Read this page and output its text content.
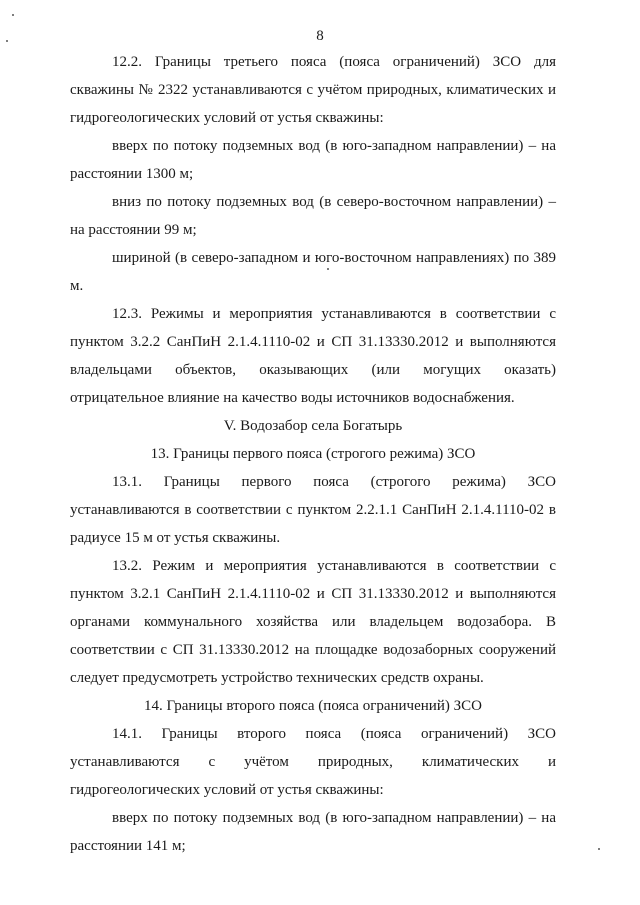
8

12.2. Границы третьего пояса (пояса ограничений) ЗСО для скважины № 2322 устанавливаются с учётом природных, климатических и гидрогеологических условий от устья скважины:

вверх по потоку подземных вод (в юго-западном направлении) – на расстоянии 1300 м;

вниз по потоку подземных вод (в северо-восточном направлении) – на расстоянии 99 м;

шириной (в северо-западном и юго-восточном направлениях) по 389 м.

12.3. Режимы и мероприятия устанавливаются в соответствии с пунктом 3.2.2 СанПиН 2.1.4.1110-02 и СП 31.13330.2012 и выполняются владельцами объектов, оказывающих (или могущих оказать) отрицательное влияние на качество воды источников водоснабжения.

V. Водозабор села Богатырь

13. Границы первого пояса (строгого режима) ЗСО

13.1. Границы первого пояса (строгого режима) ЗСО устанавливаются в соответствии с пунктом 2.2.1.1 СанПиН 2.1.4.1110-02 в радиусе 15 м от устья скважины.

13.2. Режим и мероприятия устанавливаются в соответствии с пунктом 3.2.1 СанПиН 2.1.4.1110-02 и СП 31.13330.2012 и выполняются органами коммунального хозяйства или владельцем водозабора. В соответствии с СП 31.13330.2012 на площадке водозаборных сооружений следует предусмотреть устройство технических средств охраны.

14. Границы второго пояса (пояса ограничений) ЗСО

14.1. Границы второго пояса (пояса ограничений) ЗСО устанавливаются с учётом природных, климатических и гидрогеологических условий от устья скважины:

вверх по потоку подземных вод (в юго-западном направлении) – на расстоянии 141 м;
